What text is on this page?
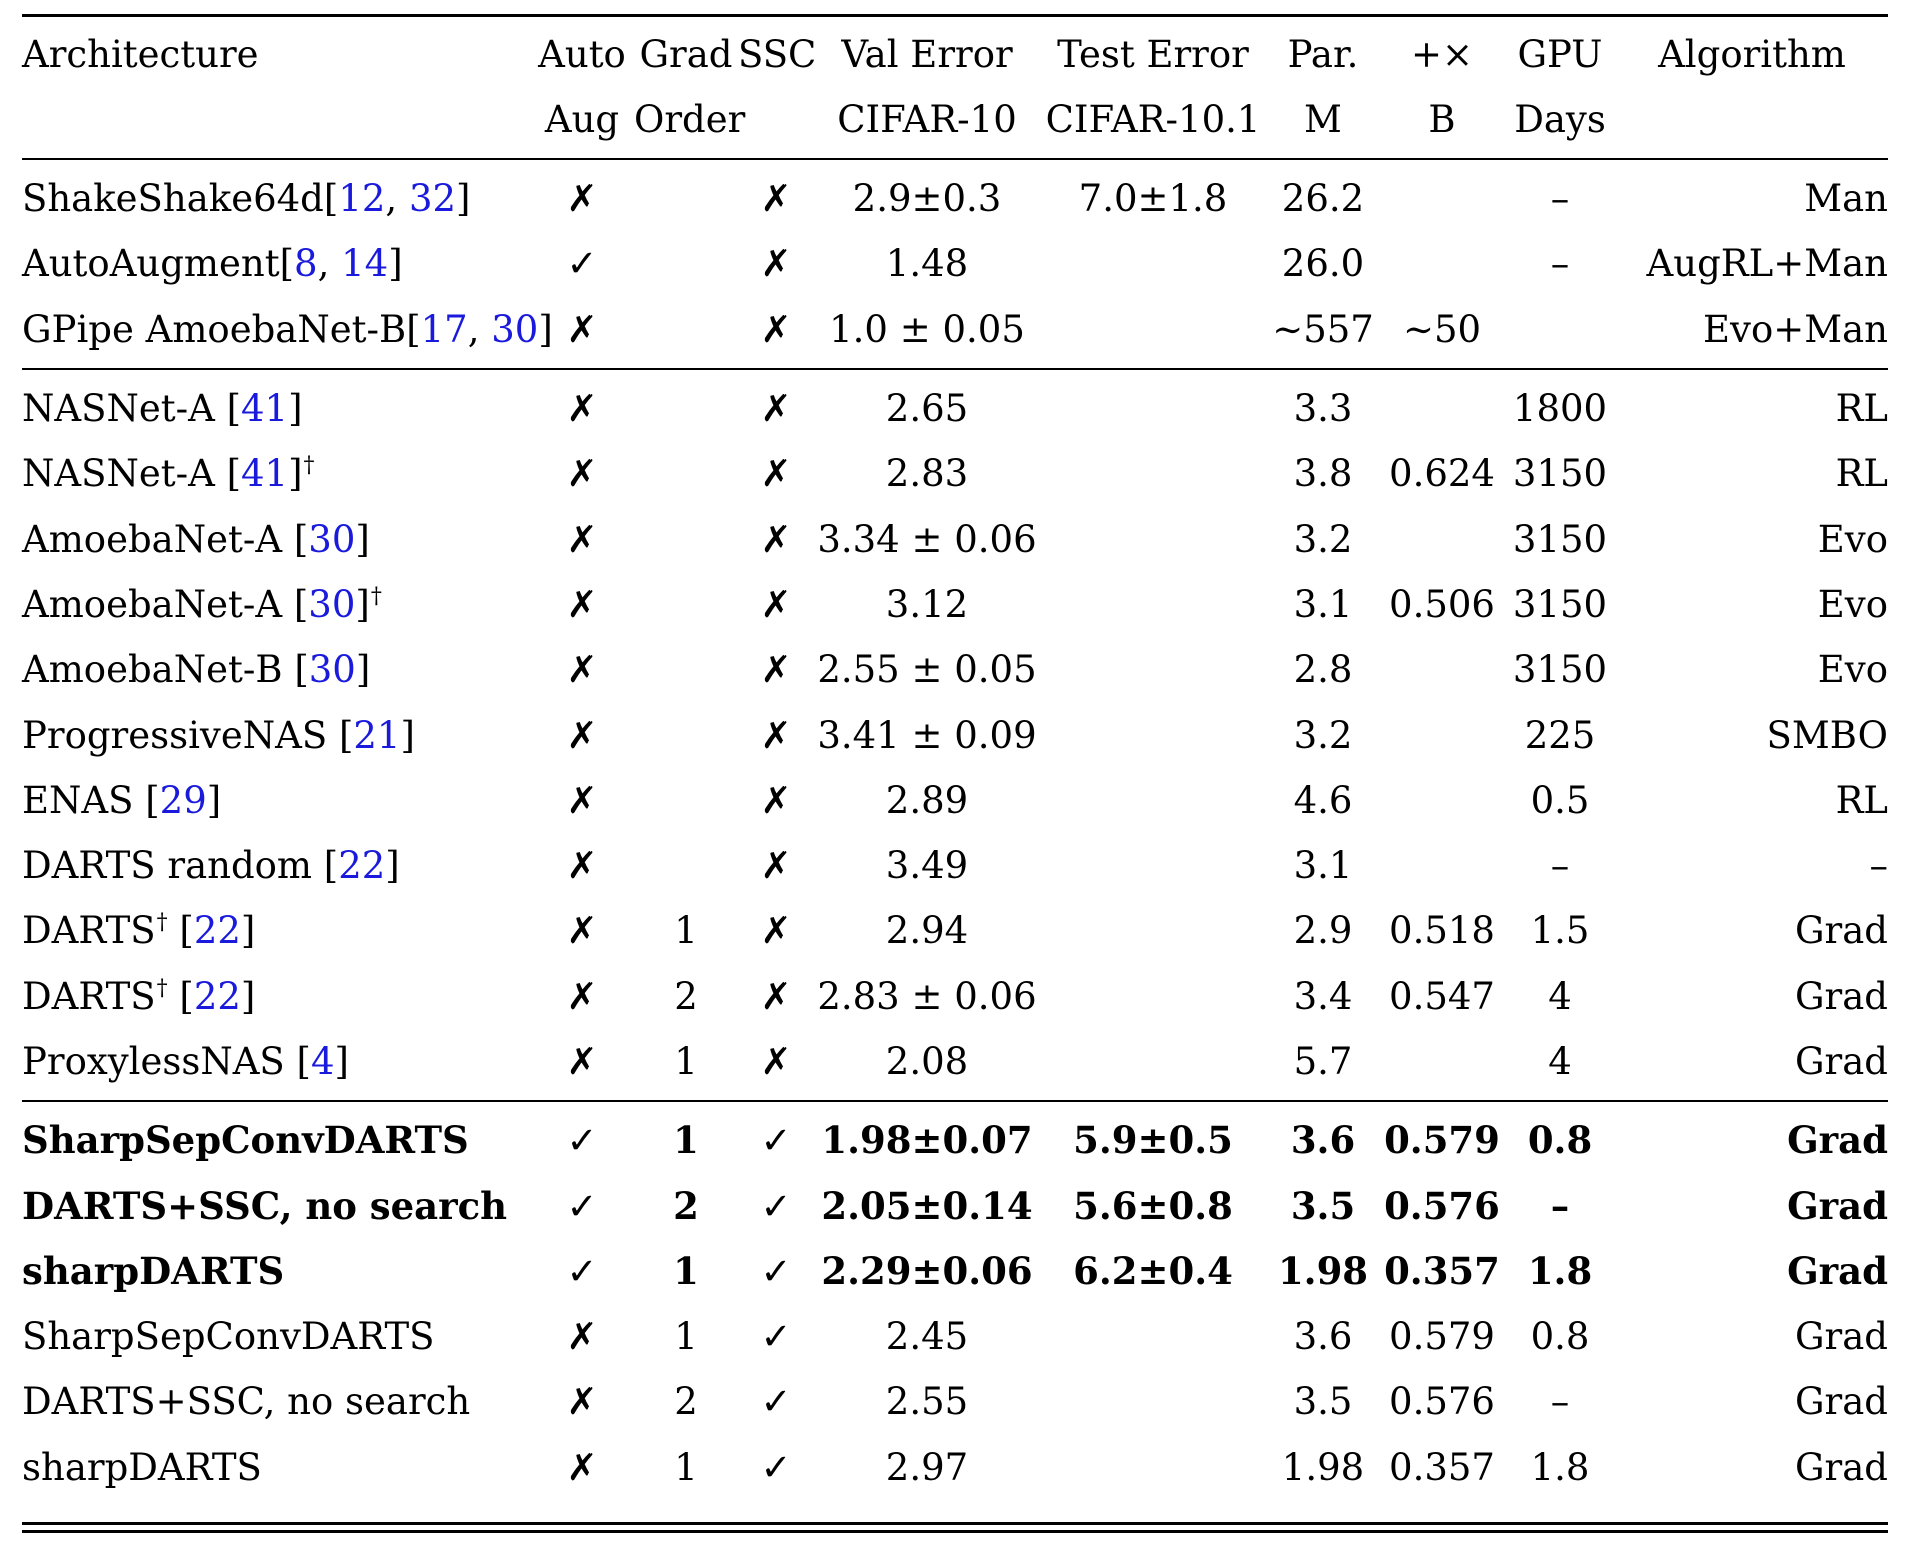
Architecture	Auto	Grad	SSC	Val Error	Test Error	Par.	+×	GPU	Algorithm
	Aug	Order		CIFAR-10	CIFAR-10.1	M	B	Days	

ShakeShake64d[12, 32]	✗		✗	2.9±0.3	7.0±1.8	26.2		–	Man
AutoAugment[8, 14]	✓		✗	1.48		26.0		–	AugRL+Man
GPipe AmoebaNet-B[17, 30]	✗		✗	1.0 ± 0.05		∼557	∼50		Evo+Man

NASNet-A [41]	✗		✗	2.65		3.3		1800	RL
NASNet-A [41]†	✗		✗	2.83		3.8	0.624	3150	RL
AmoebaNet-A [30]	✗		✗	3.34 ± 0.06		3.2		3150	Evo
AmoebaNet-A [30]†	✗		✗	3.12		3.1	0.506	3150	Evo
AmoebaNet-B [30]	✗		✗	2.55 ± 0.05		2.8		3150	Evo
ProgressiveNAS [21]	✗		✗	3.41 ± 0.09		3.2		225	SMBO
ENAS [29]	✗		✗	2.89		4.6		0.5	RL
DARTS random [22]	✗		✗	3.49		3.1		–	–
DARTS† [22]	✗	1	✗	2.94		2.9	0.518	1.5	Grad
DARTS† [22]	✗	2	✗	2.83 ± 0.06		3.4	0.547	4	Grad
ProxylessNAS [4]	✗	1	✗	2.08		5.7		4	Grad

SharpSepConvDARTS	✓	1	✓	1.98±0.07	5.9±0.5	3.6	0.579	0.8	Grad
DARTS+SSC, no search	✓	2	✓	2.05±0.14	5.6±0.8	3.5	0.576	–	Grad
sharpDARTS	✓	1	✓	2.29±0.06	6.2±0.4	1.98	0.357	1.8	Grad
SharpSepConvDARTS	✗	1	✓	2.45		3.6	0.579	0.8	Grad
DARTS+SSC, no search	✗	2	✓	2.55		3.5	0.576	–	Grad
sharpDARTS	✗	1	✓	2.97		1.98	0.357	1.8	Grad
